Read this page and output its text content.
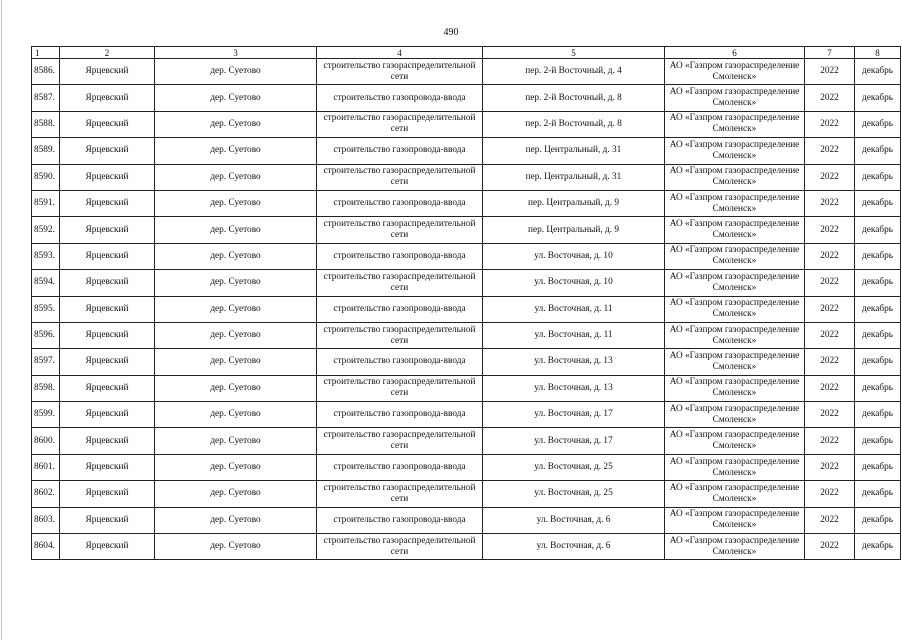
490
1	2	3	4	5	6	7	8
8586.	Ярцевский	дер. Суетово	строительство газораспределительной сети	пер. 2-й Восточный, д. 4	АО «Газпром газораспределение Смоленск»	2022	декабрь
8587.	Ярцевский	дер. Суетово	строительство газопровода-ввода	пер. 2-й Восточный, д. 8	АО «Газпром газораспределение Смоленск»	2022	декабрь
8588.	Ярцевский	дер. Суетово	строительство газораспределительной сети	пер. 2-й Восточный, д. 8	АО «Газпром газораспределение Смоленск»	2022	декабрь
8589.	Ярцевский	дер. Суетово	строительство газопровода-ввода	пер. Центральный, д. 31	АО «Газпром газораспределение Смоленск»	2022	декабрь
8590.	Ярцевский	дер. Суетово	строительство газораспределительной сети	пер. Центральный, д. 31	АО «Газпром газораспределение Смоленск»	2022	декабрь
8591.	Ярцевский	дер. Суетово	строительство газопровода-ввода	пер. Центральный, д. 9	АО «Газпром газораспределение Смоленск»	2022	декабрь
8592.	Ярцевский	дер. Суетово	строительство газораспределительной сети	пер. Центральный, д. 9	АО «Газпром газораспределение Смоленск»	2022	декабрь
8593.	Ярцевский	дер. Суетово	строительство газопровода-ввода	ул. Восточная, д. 10	АО «Газпром газораспределение Смоленск»	2022	декабрь
8594.	Ярцевский	дер. Суетово	строительство газораспределительной сети	ул. Восточная, д. 10	АО «Газпром газораспределение Смоленск»	2022	декабрь
8595.	Ярцевский	дер. Суетово	строительство газопровода-ввода	ул. Восточная, д. 11	АО «Газпром газораспределение Смоленск»	2022	декабрь
8596.	Ярцевский	дер. Суетово	строительство газораспределительной сети	ул. Восточная, д. 11	АО «Газпром газораспределение Смоленск»	2022	декабрь
8597.	Ярцевский	дер. Суетово	строительство газопровода-ввода	ул. Восточная, д. 13	АО «Газпром газораспределение Смоленск»	2022	декабрь
8598.	Ярцевский	дер. Суетово	строительство газораспределительной сети	ул. Восточная, д. 13	АО «Газпром газораспределение Смоленск»	2022	декабрь
8599.	Ярцевский	дер. Суетово	строительство газопровода-ввода	ул. Восточная, д. 17	АО «Газпром газораспределение Смоленск»	2022	декабрь
8600.	Ярцевский	дер. Суетово	строительство газораспределительной сети	ул. Восточная, д. 17	АО «Газпром газораспределение Смоленск»	2022	декабрь
8601.	Ярцевский	дер. Суетово	строительство газопровода-ввода	ул. Восточная, д. 25	АО «Газпром газораспределение Смоленск»	2022	декабрь
8602.	Ярцевский	дер. Суетово	строительство газораспределительной сети	ул. Восточная, д. 25	АО «Газпром газораспределение Смоленск»	2022	декабрь
8603.	Ярцевский	дер. Суетово	строительство газопровода-ввода	ул. Восточная, д. 6	АО «Газпром газораспределение Смоленск»	2022	декабрь
8604.	Ярцевский	дер. Суетово	строительство газораспределительной сети	ул. Восточная, д. 6	АО «Газпром газораспределение Смоленск»	2022	декабрь
